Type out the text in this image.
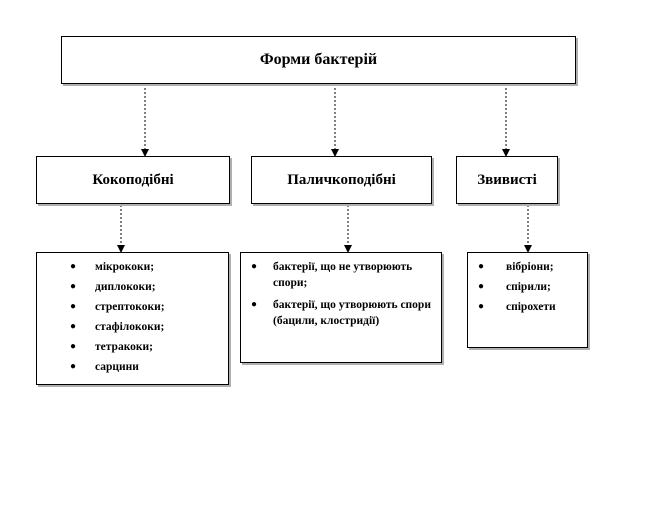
Форми бактерій
Кокоподібні	Паличкоподібні	Звивисті
● мікрококи;
● диплококи;
● стрептококи;
● стафілококи;
● тетракоки;
● сарцини
● бактерії, що не утворюють спори;
● бактерії, що утворюють спори (бацили, клостридії)
● вібріони;
● спірили;
● спірохети
